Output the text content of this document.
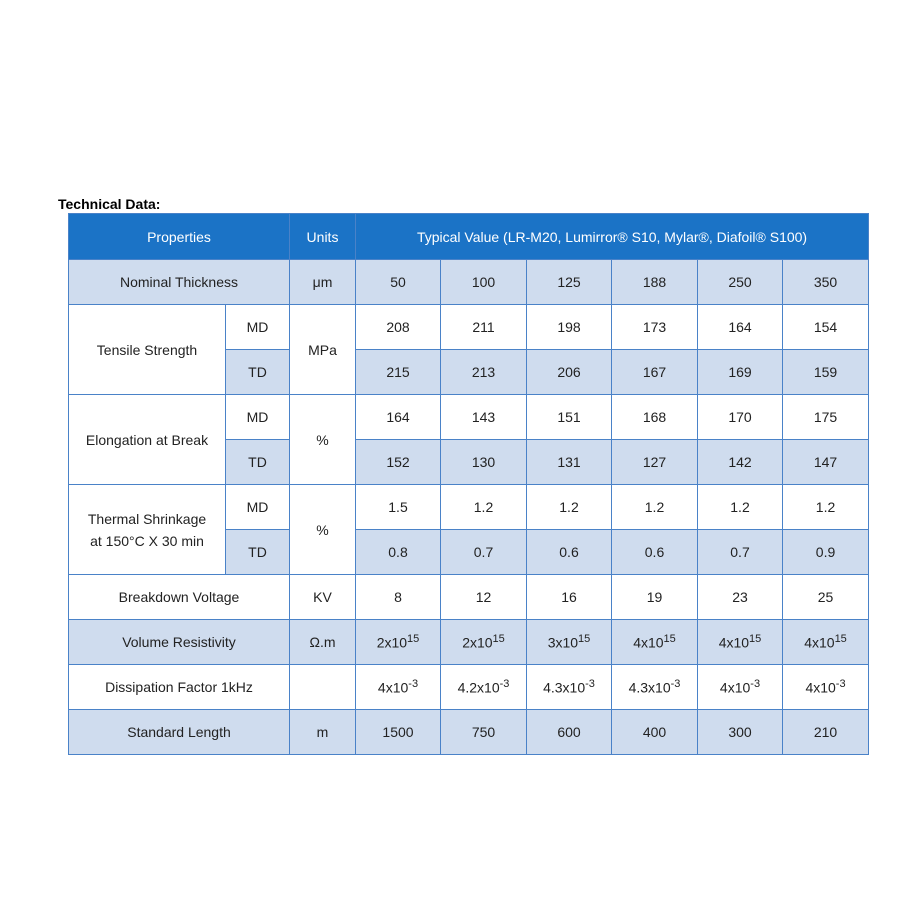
Technical Data:
Properties		Units	Typical Value (LR-M20, Lumirror® S10, Mylar®, Diafoil® S100)					
Nominal Thickness		μm	50	100	125	188	250	350
Tensile Strength	MD	MPa	208	211	198	173	164	154
	TD		215	213	206	167	169	159
Elongation at Break	MD	%	164	143	151	168	170	175
	TD		152	130	131	127	142	147
Thermal Shrinkage
at 150°C X 30 min	MD	%	1.5	1.2	1.2	1.2	1.2	1.2
	TD		0.8	0.7	0.6	0.6	0.7	0.9
Breakdown Voltage		KV	8	12	16	19	23	25
Volume Resistivity		Ω.m	$2x10^{15}$	$2x10^{15}$	$3x10^{15}$	$4x10^{15}$	$4x10^{15}$	$4x10^{15}$
Dissipation Factor 1kHz			$4x10^{-3}$	$4.2x10^{-3}$	$4.3x10^{-3}$	$4.3x10^{-3}$	$4x10^{-3}$	$4x10^{-3}$
Standard Length		m	1500	750	600	400	300	210
